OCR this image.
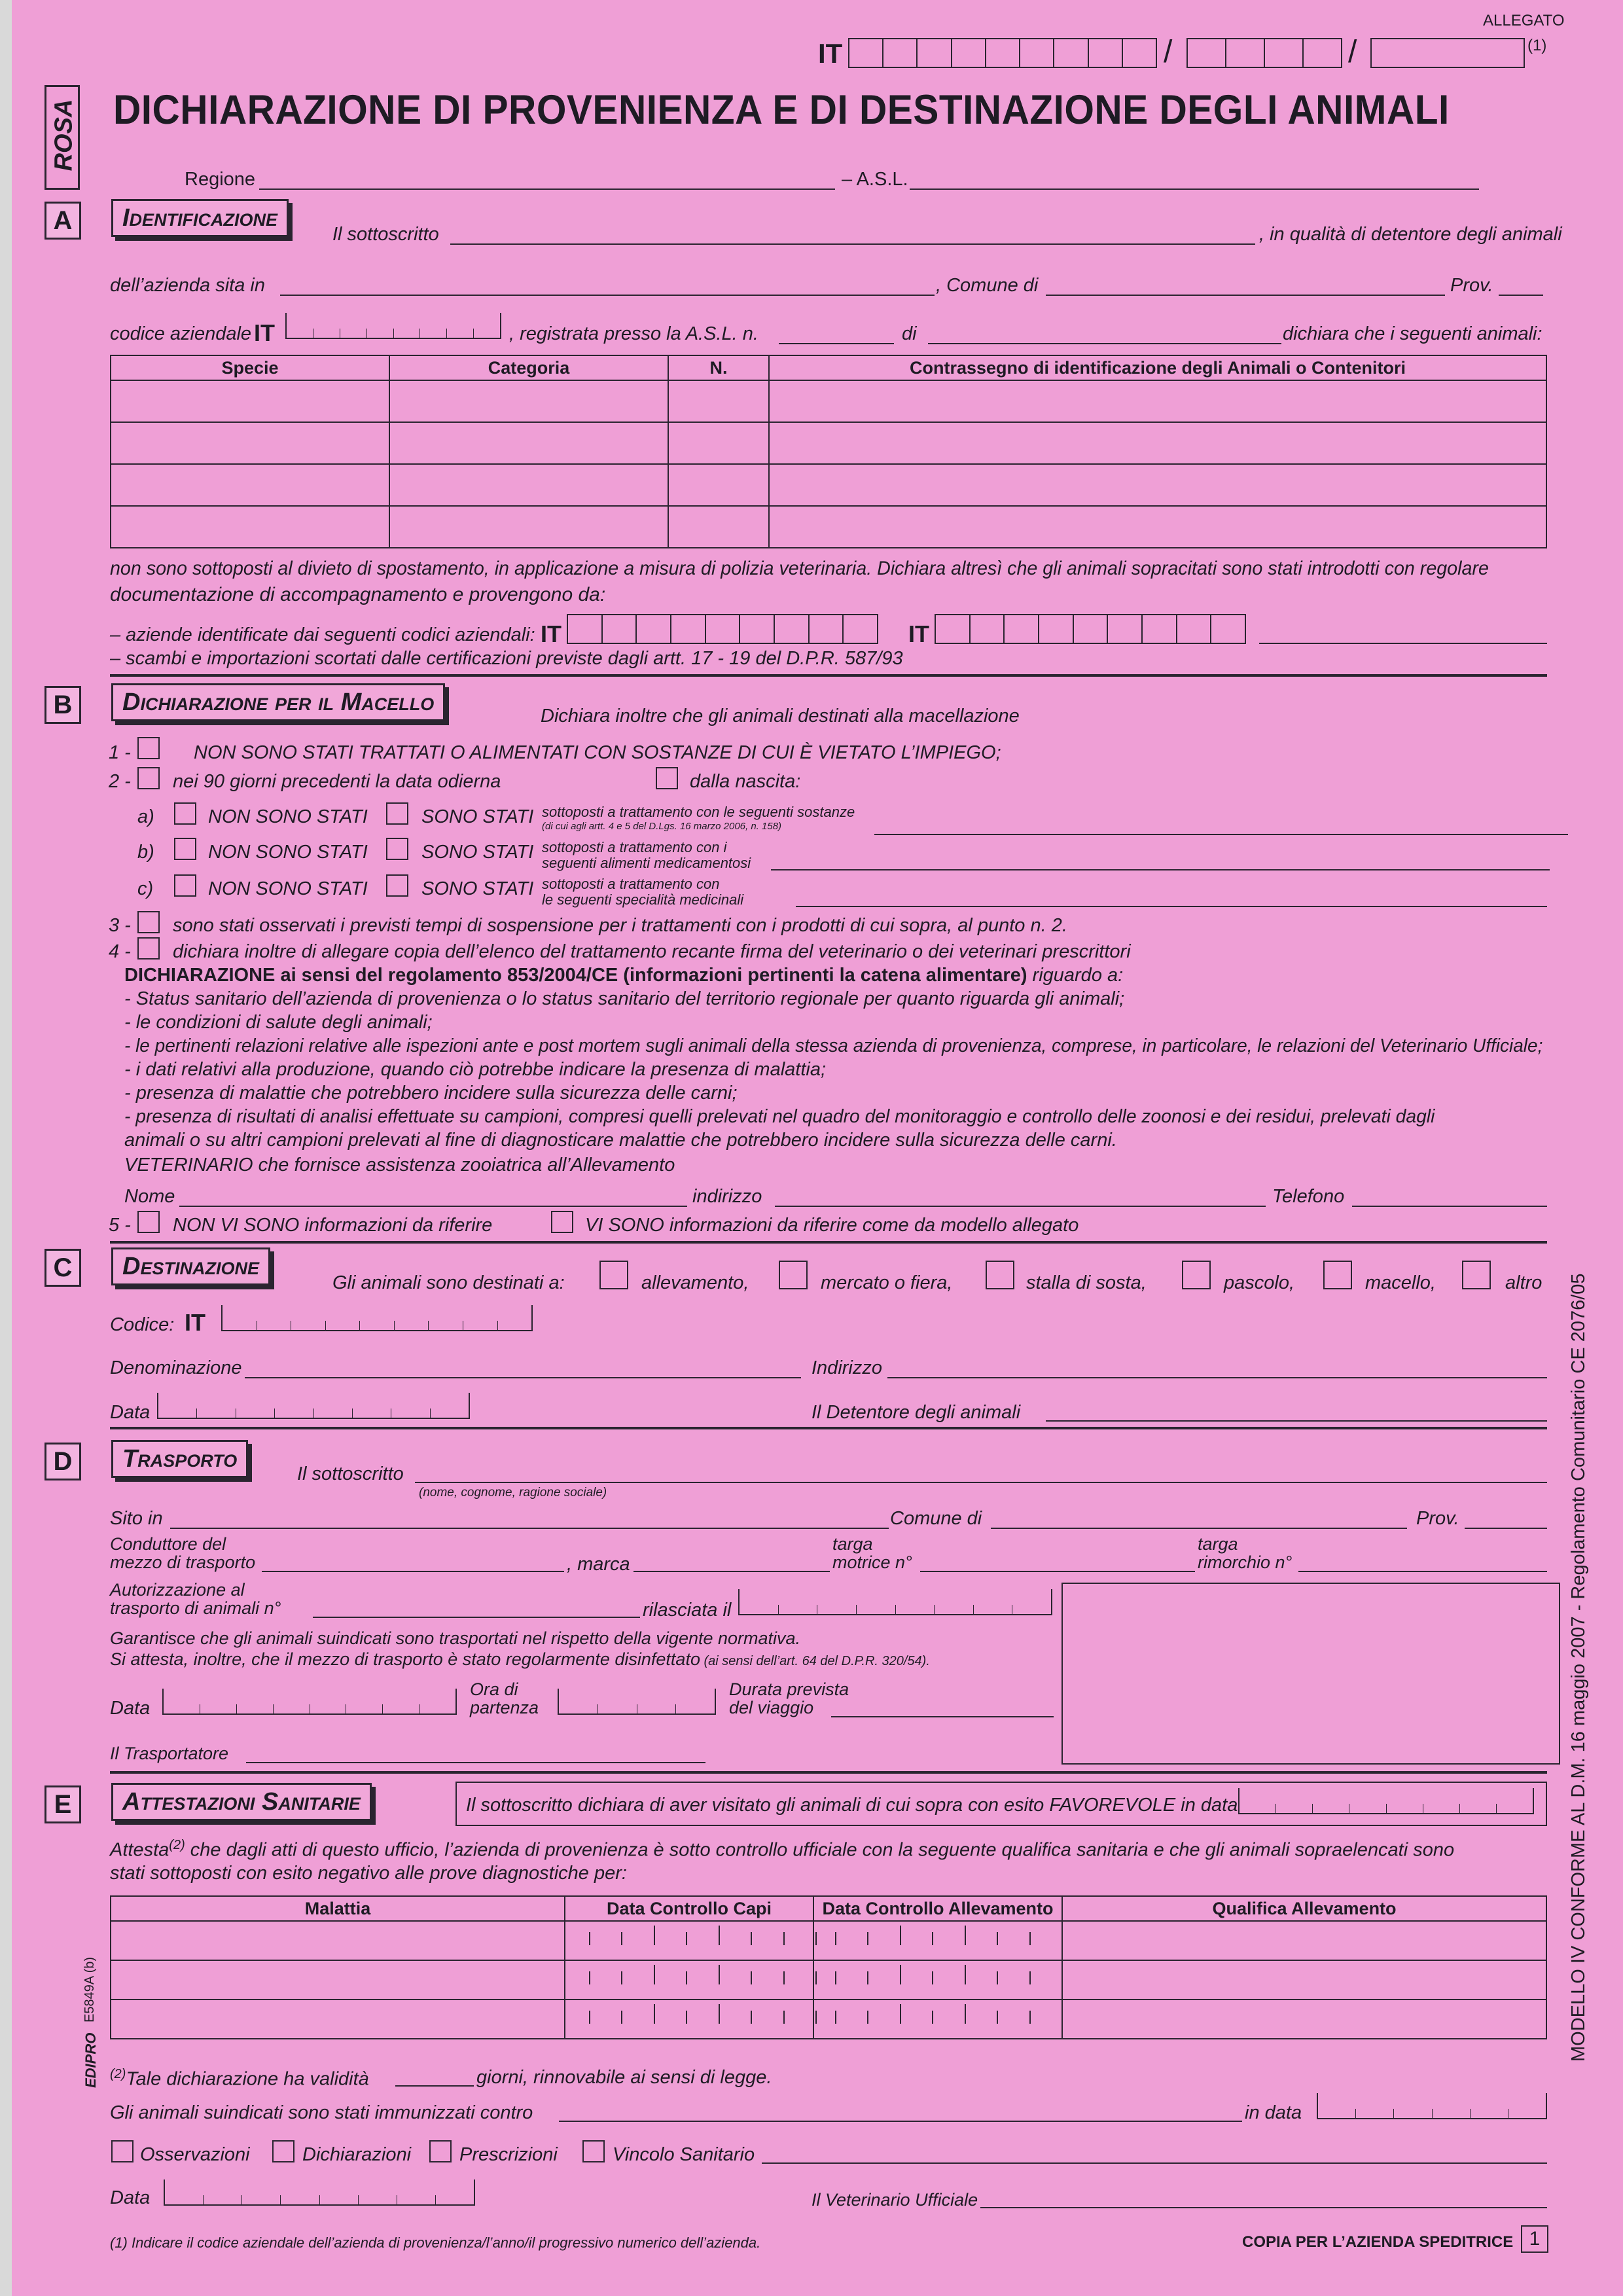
ALLEGATO
IT	/	/	(1)
ROSA DICHIARAZIONE DI PROVENIENZA E DI DESTINAZIONE DEGLI ANIMALI
Regione	– A.S.L.
A	Identificazione
Il sottoscritto	, in qualità di detentore degli animali
dell’azienda sita in	, Comune di	Prov.
codice aziendale IT	, registrata presso la A.S.L. n.	di	dichiara che i seguenti animali:
Specie	Categoria	N.	Contrassegno di identificazione degli Animali o Contenitori

non sono sottoposti al divieto di spostamento, in applicazione a misura di polizia veterinaria. Dichiara altresì che gli animali sopracitati sono stati introdotti con regolare
documentazione di accompagnamento e provengono da:
– aziende identificate dai seguenti codici aziendali: IT	IT
– scambi e importazioni scortati dalle certificazioni previste dagli artt. 17 - 19 del D.P.R. 587/93
B	Dichiarazione per il Macello	Dichiara inoltre che gli animali destinati alla macellazione
1 -	NON SONO STATI TRATTATI O ALIMENTATI CON SOSTANZE DI CUI È VIETATO L’IMPIEGO;
2 - nei 90 giorni precedenti la data odierna	dalla nascita:
a)	NON SONO STATI	SONO STATI sottoposti a trattamento con le seguenti sostanze
(di cui agli artt. 4 e 5 del D.Lgs. 16 marzo 2006, n. 158)
b)	NON SONO STATI	SONO STATI sottoposti a trattamento con i
seguenti alimenti medicamentosi
c)	NON SONO STATI	SONO STATI sottoposti a trattamento con
le seguenti specialità medicinali
3 - sono stati osservati i previsti tempi di sospensione per i trattamenti con i prodotti di cui sopra, al punto n. 2.
4 - dichiara inoltre di allegare copia dell’elenco del trattamento recante firma del veterinario o dei veterinari prescrittori
DICHIARAZIONE ai sensi del regolamento 853/2004/CE (informazioni pertinenti la catena alimentare) riguardo a:
- Status sanitario dell’azienda di provenienza o lo status sanitario del territorio regionale per quanto riguarda gli animali;
- le condizioni di salute degli animali;
- le pertinenti relazioni relative alle ispezioni ante e post mortem sugli animali della stessa azienda di provenienza, comprese, in particolare, le relazioni del Veterinario Ufficiale;
- i dati relativi alla produzione, quando ciò potrebbe indicare la presenza di malattia;
- presenza di malattie che potrebbero incidere sulla sicurezza delle carni;
- presenza di risultati di analisi effettuate su campioni, compresi quelli prelevati nel quadro del monitoraggio e controllo delle zoonosi e dei residui, prelevati dagli
animali o su altri campioni prelevati al fine di diagnosticare malattie che potrebbero incidere sulla sicurezza delle carni.
VETERINARIO che fornisce assistenza zooiatrica all’Allevamento
Nome	indirizzo	Telefono
5 - NON VI SONO informazioni da riferire	VI SONO informazioni da riferire come da modello allegato
C	Destinazione
Gli animali sono destinati a:	allevamento,	mercato o fiera,	stalla di sosta,	pascolo,	macello,	altro
Codice: IT
Denominazione	Indirizzo
Data	Il Detentore degli animali
D	Trasporto
Il sottoscritto
(nome, cognome, ragione sociale)
Sito in	Comune di	Prov.
Conduttore del
mezzo di trasporto	, marca
targa
motrice n°
targa
rimorchio n°
Autorizzazione al
trasporto di animali n°	rilasciata il
Garantisce che gli animali suindicati sono trasportati nel rispetto della vigente normativa.
Si attesta, inoltre, che il mezzo di trasporto è stato regolarmente disinfettato (ai sensi dell’art. 64 del D.P.R. 320/54).
Data
Ora di
partenza
Durata prevista
del viaggio
Il Trasportatore
E	Attestazioni Sanitarie	Il sottoscritto dichiara di aver visitato gli animali di cui sopra con esito FAVOREVOLE in data
Attesta$^{(2)}$ che dagli atti di questo ufficio, l’azienda di provenienza è sotto controllo ufficiale con la seguente qualifica sanitaria e che gli animali sopraelencati sono
stati sottoposti con esito negativo alle prove diagnostiche per:
Malattia	Data Controllo Capi	Data Controllo Allevamento	Qualifica Allevamento

$^{(2)}$Tale dichiarazione ha validità	giorni, rinnovabile ai sensi di legge.
Gli animali suindicati sono stati immunizzati contro	in data
Osservazioni	Dichiarazioni	Prescrizioni	Vincolo Sanitario
Data	Il Veterinario Ufficiale
(1) Indicare il codice aziendale dell’azienda di provenienza/l’anno/il progressivo numerico dell’azienda.	COPIA PER L’AZIENDA SPEDITRICE 1
MODELLO IV CONFORME AL D.M. 16 maggio 2007 - Regolamento Comunitario CE 2076/05
E5849A (b)
EDIPRO
